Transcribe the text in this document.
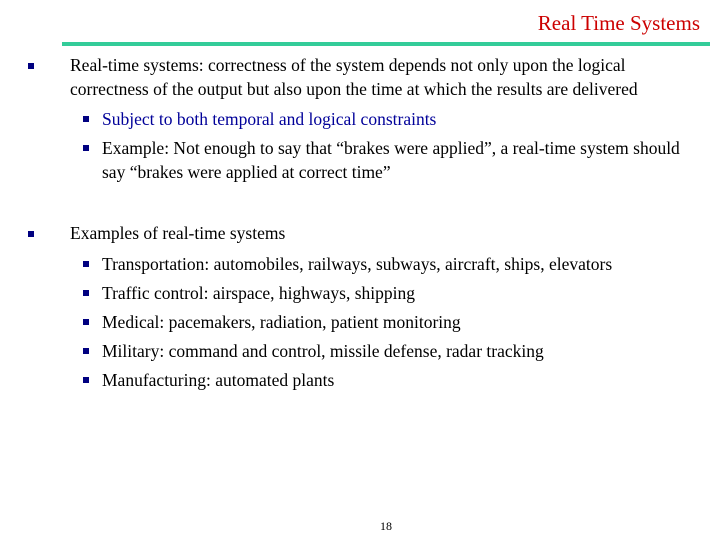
Real Time Systems
Real-time systems: correctness of the system depends not only upon the logical correctness of the output but also upon the time at which the results are delivered
Subject to both temporal and logical constraints
Example: Not enough to say that “brakes were applied”, a real-time system should say “brakes were applied at correct time”
Examples of real-time systems
Transportation: automobiles, railways, subways, aircraft, ships, elevators
Traffic control: airspace, highways, shipping
Medical: pacemakers, radiation, patient monitoring
Military: command and control, missile defense, radar tracking
Manufacturing: automated plants
18
